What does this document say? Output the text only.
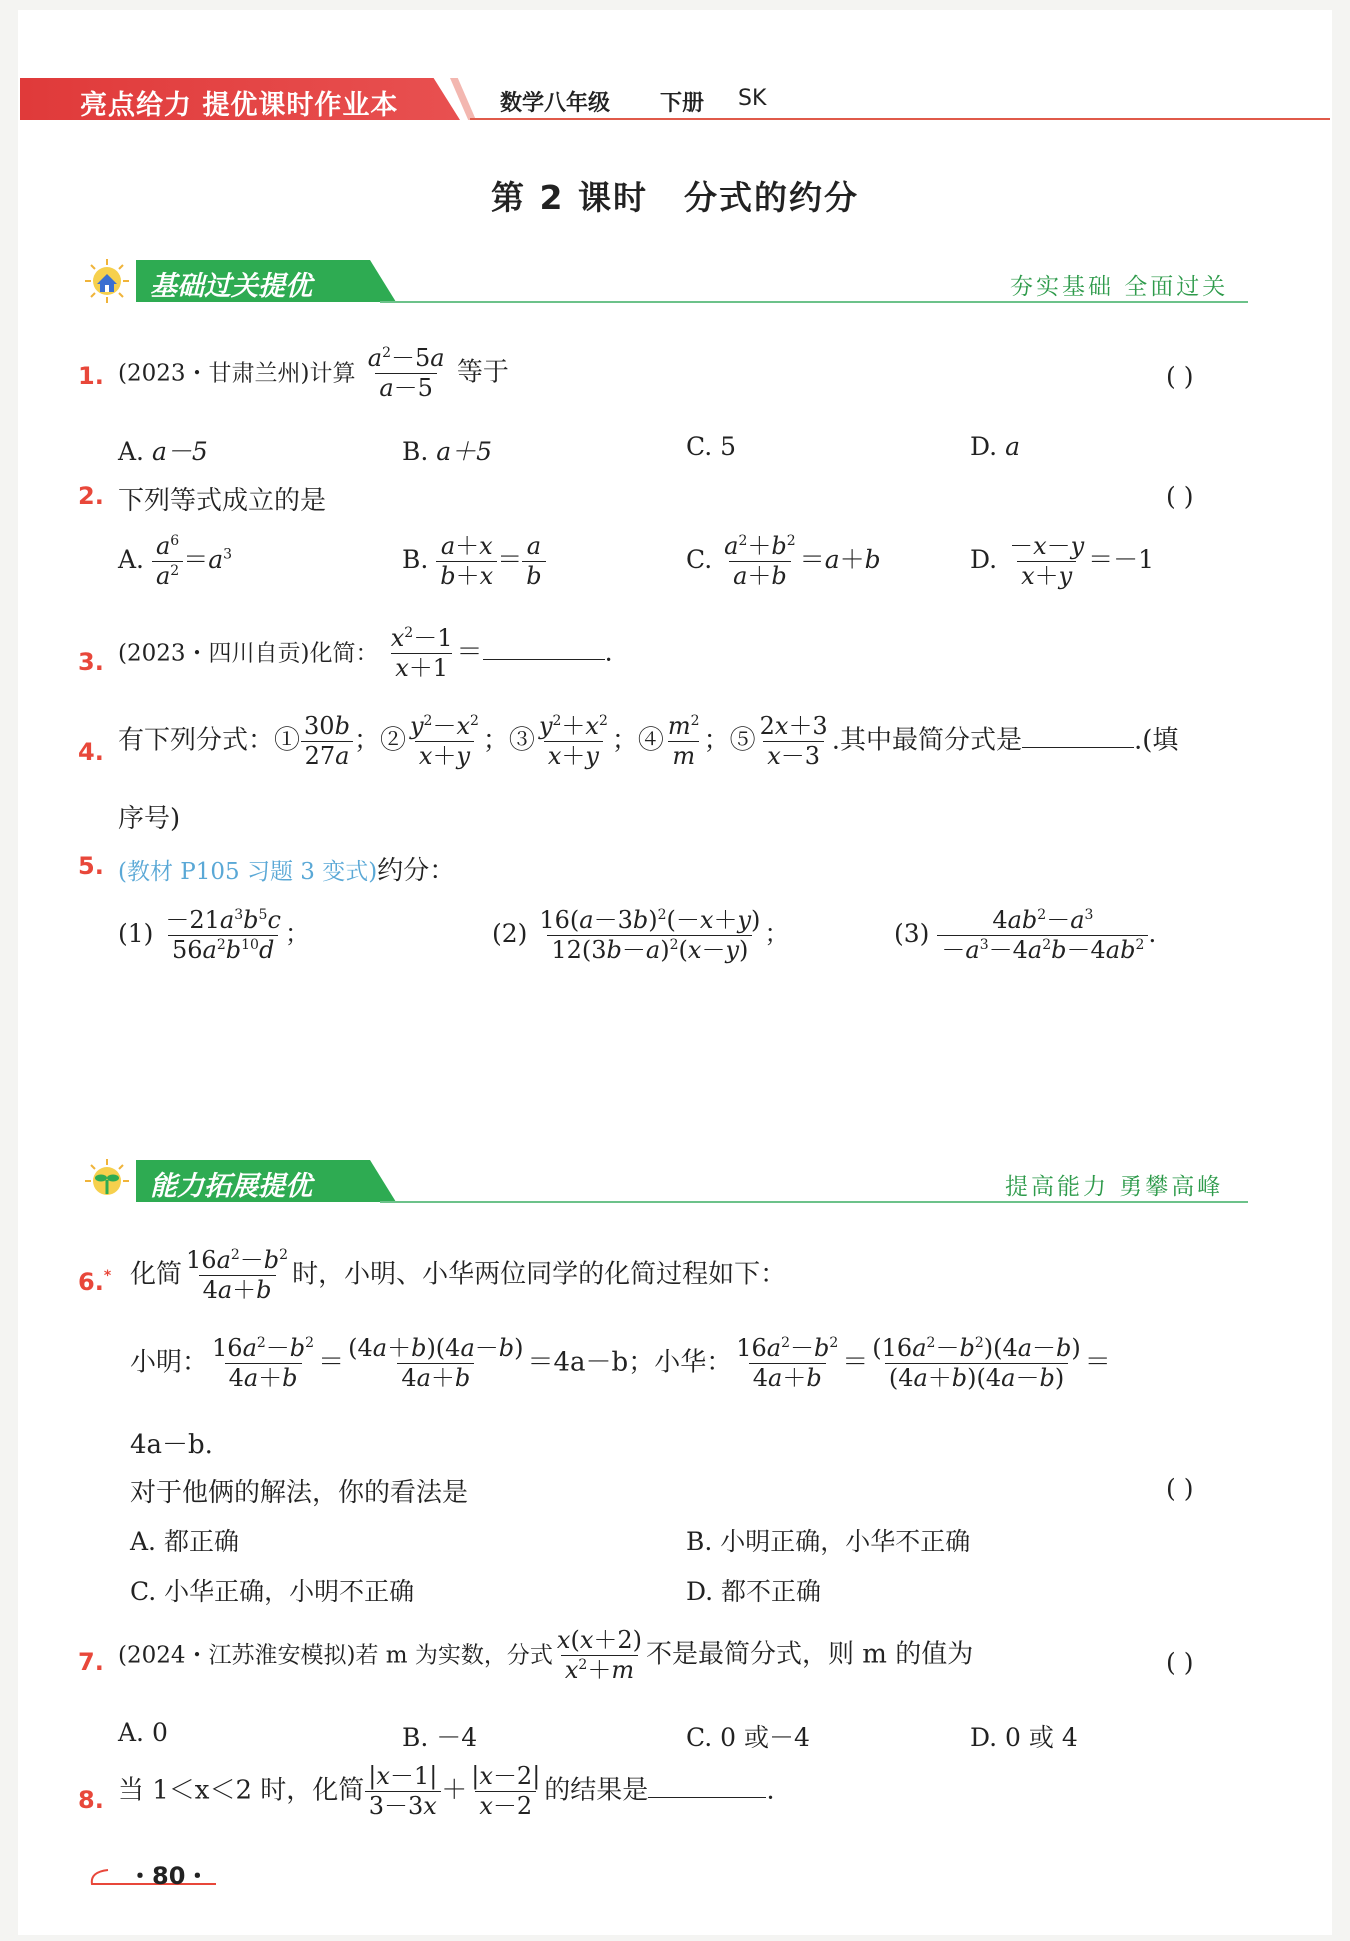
亮点给力 提优课时作业本	数学八年级 下册 SK
第 2 课时 分式的约分
基础过关提优	夯实基础 全面过关
1. (2023・甘肃兰州)计算 $\frac{a^2-5a}{a-5}$ 等于	( )
A. a－5	B. a＋5	C. 5	D. a
2. 下列等式成立的是	( )
A. $\frac{a^6}{a^2} =a^3$	B. $\frac{a+x}{b+x} = \frac{a}{b}$	C. $\frac{a^2+b^2}{a+b} =a+b$	D. $\frac{-x-y}{x+y} =-1$
3. (2023・四川自贡)化简： $\frac{x^2-1}{x+1}$ ＝	.
4. 有下列分式：① $\frac{30b}{27a}$ ；② $\frac{y^2-x^2}{x+y}$ ；③ $\frac{y^2+x^2}{x+y}$ ；④ $\frac{m^2}{m}$ ；⑤ $\frac{2x+3}{x-3}$ .其中最简分式是	.(填
序号)
5. (教材 P105 习题 3 变式)约分：
$(1) \frac{-21a^3b^5c}{56a^2b^{10}d}$ ；	$(2) \frac{16(a-3b)^2(-x+y)}{12(3b-a)^2(x-y)}$ ；	$(3) \frac{4ab^2-a^3}{-a^3-4a^2b-4ab^2}$ .
能力拓展提优	提高能力 勇攀高峰
6.* 化简 $\frac{16a^2-b^2}{4a+b}$ 时，小明、小华两位同学的化简过程如下：
小明： $\frac{16a^2-b^2}{4a+b} = \frac{(4a+b)(4a-b)}{4a+b} =4a-b$；小华： $\frac{16a^2-b^2}{4a+b} = \frac{(16a^2-b^2)(4a-b)}{(4a+b)(4a-b)}$ ＝
4a－b.
对于他俩的解法，你的看法是	( )
A. 都正确	B. 小明正确，小华不正确
C. 小华正确，小明不正确	D. 都不正确
7. (2024・江苏淮安模拟)若 m 为实数，分式 $\frac{x(x+2)}{x^2+m}$ 不是最简分式，则 m 的值为	( )
A. 0	B. －4	C. 0 或－4	D. 0 或 4
8. 当 1＜x＜2 时，化简 $\frac{|x-1|}{3-3x} + \frac{|x-2|}{x-2}$ 的结果是	.
・80・
